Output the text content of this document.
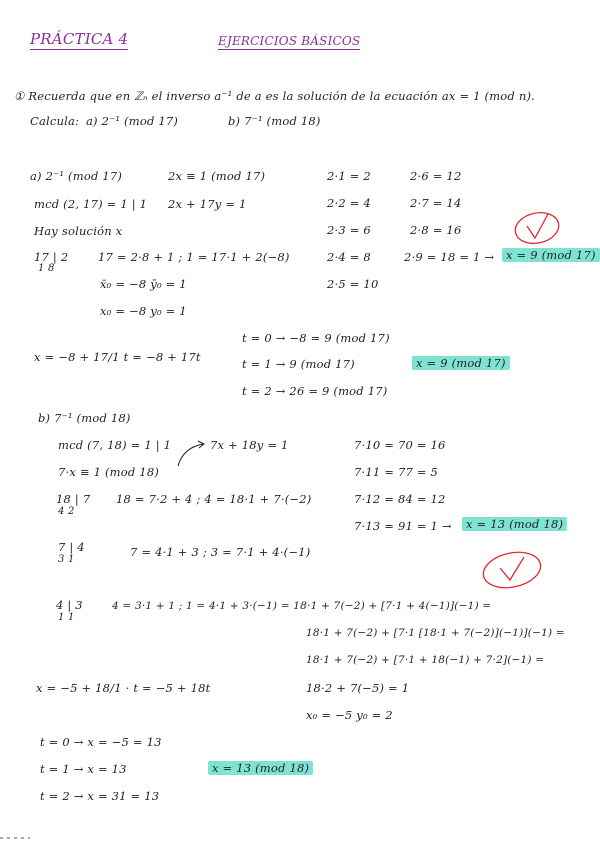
PRÁCTICA 4	EJERCICIOS BÁSICOS
① Recuerda que en ℤₙ el inverso a⁻¹ de a es la solución de la ecuación ax = 1 (mod n).
Calcula: a) 2⁻¹ (mod 17)	b) 7⁻¹ (mod 18)
a) 2⁻¹ (mod 17)	2x ≡ 1 (mod 17)
mcd (2, 17) = 1 | 1 2x + 17y = 1
Hay solución x
17 | 2
1 8
17 = 2·8 + 1 ; 1 = 17·1 + 2(−8)
x̄₀ = −8 ȳ₀ = 1
x₀ = −8 y₀ = 1
x = −8 + 17/1 t = −8 + 17t
t = 0 → −8 = 9 (mod 17)
t = 1 → 9 (mod 17)	x = 9 (mod 17)
t = 2 → 26 = 9 (mod 17)
2·1 = 2
2·2 = 4
2·3 = 6
2·4 = 8
2·5 = 10
2·6 = 12
2·7 = 14
2·8 = 16
2·9 = 18 = 1 →	x = 9 (mod 17)
b) 7⁻¹ (mod 18)
mcd (7, 18) = 1 | 1	7x + 18y = 1
7·x ≡ 1 (mod 18)
18 | 7
4 2
18 = 7·2 + 4 ; 4 = 18·1 + 7·(−2)
7 | 4
3 1
7 = 4·1 + 3 ; 3 = 7·1 + 4·(−1)
4 | 3
1 1
4 = 3·1 + 1 ; 1 = 4·1 + 3·(−1) = 18·1 + 7(−2) + [7·1 + 4(−1)](−1) =
18·1 + 7(−2) + [7·1 [18·1 + 7(−2)](−1)](−1) =
18·1 + 7(−2) + [7·1 + 18(−1) + 7·2](−1) =
18·2 + 7(−5) = 1
x₀ = −5 y₀ = 2
x = −5 + 18/1 · t = −5 + 18t
t = 0 → x = −5 = 13
t = 1 → x = 13	x = 13 (mod 18)
t = 2 → x = 31 = 13
7·10 = 70 = 16
7·11 = 77 = 5
7·12 = 84 = 12
7·13 = 91 = 1 →	x = 13 (mod 18)
